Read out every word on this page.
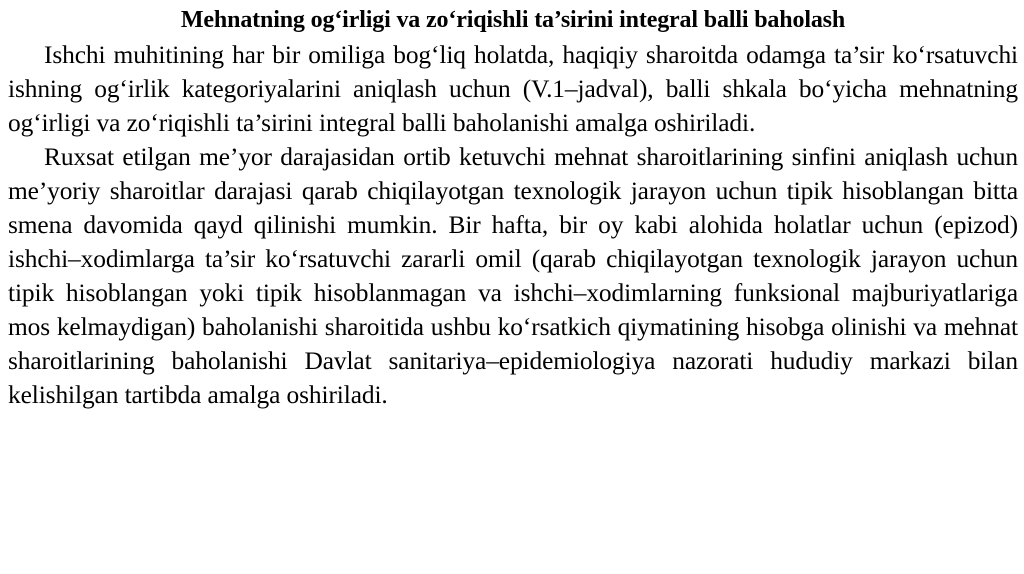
Mehnatning og‘irligi va zo‘riqishli ta’sirini integral balli baholash

Ishchi muhitining har bir omiliga bog‘liq holatda, haqiqiy sharoitda odamga ta’sir ko‘rsatuvchi ishning og‘irlik kategoriyalarini aniqlash uchun (V.1–jadval), balli shkala bo‘yicha mehnatning og‘irligi va zo‘riqishli ta’sirini integral balli baholanishi amalga oshiriladi.

Ruxsat etilgan me’yor darajasidan ortib ketuvchi mehnat sharoitlarining sinfini aniqlash uchun me’yoriy sharoitlar darajasi qarab chiqilayotgan texnologik jarayon uchun tipik hisoblangan bitta smena davomida qayd qilinishi mumkin. Bir hafta, bir oy kabi alohida holatlar uchun (epizod) ishchi–xodimlarga ta’sir ko‘rsatuvchi zararli omil (qarab chiqilayotgan texnologik jarayon uchun tipik hisoblangan yoki tipik hisoblanmagan va ishchi–xodimlarning funksional majburiyatlariga mos kelmaydigan) baholanishi sharoitida ushbu ko‘rsatkich qiymatining hisobga olinishi va mehnat sharoitlarining baholanishi Davlat sanitariya–epidemiologiya nazorati hududiy markazi bilan kelishilgan tartibda amalga oshiriladi.
